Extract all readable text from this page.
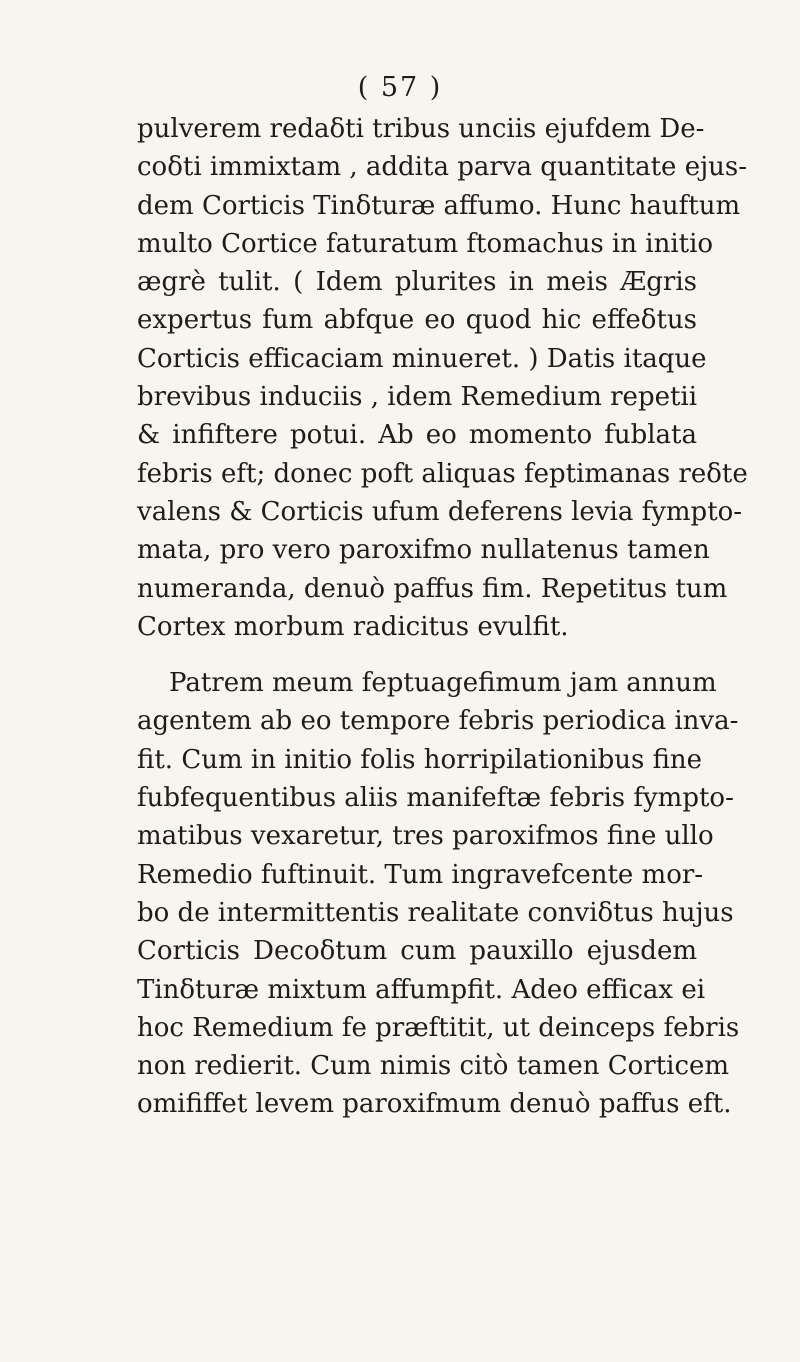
( 57 )
pulverem redaδti tribus unciis ejufdem De-
coδti immixtam , addita parva quantitate ejus-
dem Corticis Tinδturæ affumo. Hunc hauftum
multo Cortice faturatum ftomachus in initio
ægrè tulit. ( Idem plurites in meis Ægris
expertus fum abfque eo quod hic effeδtus
Corticis efficaciam minueret. ) Datis itaque
brevibus induciis , idem Remedium repetii
& infiftere potui. Ab eo momento fublata
febris eft; donec poft aliquas feptimanas reδte
valens & Corticis ufum deferens levia fympto-
mata, pro vero paroxifmo nullatenus tamen
numeranda, denuò paffus fim. Repetitus tum
Cortex morbum radicitus evulfit.
Patrem meum feptuagefimum jam annum
agentem ab eo tempore febris periodica inva-
fit. Cum in initio folis horripilationibus fine
fubfequentibus aliis manifeftæ febris fympto-
matibus vexaretur, tres paroxifmos fine ullo
Remedio fuftinuit. Tum ingravefcente mor-
bo de intermittentis realitate conviδtus hujus
Corticis Decoδtum cum pauxillo ejusdem
Tinδturæ mixtum affumpfit. Adeo efficax ei
hoc Remedium fe præftitit, ut deinceps febris
non redierit. Cum nimis citò tamen Corticem
omififfet levem paroxifmum denuò paffus eft.
